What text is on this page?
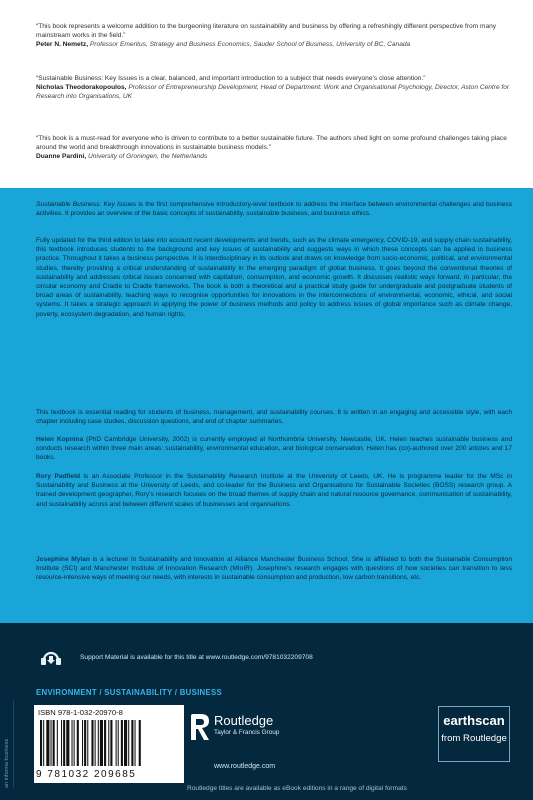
“This book represents a welcome addition to the burgeoning literature on sustainability and business by offering a refreshingly different perspective from many mainstream works in the field.”
Peter N. Nemetz, Professor Emeritus, Strategy and Business Economics, Sauder School of Business, University of BC, Canada
“Sustainable Business: Key Issues is a clear, balanced, and important introduction to a subject that needs everyone’s close attention.”
Nicholas Theodorakopoulos, Professor of Entrepreneurship Development, Head of Department: Work and Organisational Psychology, Director, Aston Centre for Research into Organisations, UK
“This book is a must-read for everyone who is driven to contribute to a better sustainable future. The authors shed light on some profound challenges taking place around the world and breakthrough innovations in sustainable business models.”
Duanne Pardini, University of Groningen, the Netherlands
Sustainable Business: Key Issues is the first comprehensive introductory-level textbook to address the interface between environmental challenges and business activities. It provides an overview of the basic concepts of sustainability, sustainable business, and business ethics.
Fully updated for the third edition to take into account recent developments and trends, such as the climate emergency, COVID-19, and supply chain sustainability, this textbook introduces students to the background and key issues of sustainability and suggests ways in which these concepts can be applied in business practice. Throughout it takes a business perspective. It is interdisciplinary in its outlook and draws on knowledge from socio-economic, political, and environmental studies, thereby providing a critical understanding of sustainability in the emerging paradigm of global business. It goes beyond the conventional theories of sustainability and addresses critical issues concerned with capitalism, consumption, and economic growth. It discusses realistic ways forward, in particular, the circular economy and Cradle to Cradle frameworks. The book is both a theoretical and a practical study guide for undergraduate and postgraduate students of broad areas of sustainability, teaching ways to recognise opportunities for innovations in the interconnections of environmental, economic, ethical, and social systems. It takes a strategic approach in applying the power of business methods and policy to address issues of global importance such as climate change, poverty, ecosystem degradation, and human rights.
This textbook is essential reading for students of business, management, and sustainability courses. It is written in an engaging and accessible style, with each chapter including case studies, discussion questions, and end of chapter summaries.
Helen Kopnina (PhD Cambridge University, 2002) is currently employed at Northumbria University, Newcastle, UK. Helen teaches sustainable business and conducts research within three main areas: sustainability, environmental education, and biological conservation. Helen has (co)-authored over 200 articles and 17 books.
Rory Padfield is an Associate Professor in the Sustainability Research Institute at the University of Leeds, UK. He is programme leader for the MSc in Sustainability and Business at the University of Leeds, and co-leader for the Business and Organisations for Sustainable Societies (BOSS) research group. A trained development geographer, Rory’s research focuses on the broad themes of supply chain and natural resource governance, communication of sustainability, and sustainability across and between different scales of businesses and organisations.
Josephine Mylan is a lecturer in Sustainability and Innovation at Alliance Manchester Business School. She is affiliated to both the Sustainable Consumption Institute (SCI) and Manchester Institute of Innovation Research (MIoIR). Josephine’s research engages with questions of how societies can transition to less resource-intensive ways of meeting our needs, with interests in sustainable consumption and production, low carbon transitions, etc.
Support Material is available for this title at www.routledge.com/9781032209708
ENVIRONMENT / SUSTAINABILITY / BUSINESS
an informa business
ISBN 978-1-032-20970-8
9 781032 209685
Routledge
Taylor & Francis Group
www.routledge.com
earthscan
from Routledge
Routledge titles are available as eBook editions in a range of digital formats
